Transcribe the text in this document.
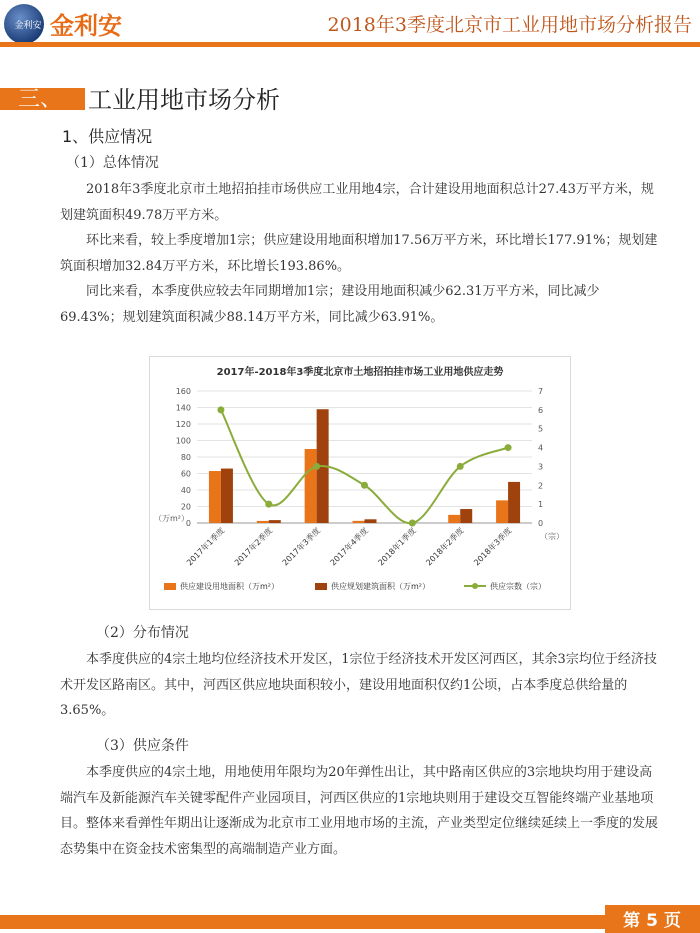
金利安 金利安	2018年3季度北京市工业用地市场分析报告
三、 工业用地市场分析
1、供应情况
（1）总体情况

2018年3季度北京市土地招拍挂市场供应工业用地4宗，合计建设用地面积总计27.43万平方米，规划建筑面积49.78万平方米。

环比来看，较上季度增加1宗；供应建设用地面积增加17.56万平方米，环比增长177.91%；规划建筑面积增加32.84万平方米，环比增长193.86%。

同比来看，本季度供应较去年同期增加1宗；建设用地面积减少62.31万平方米，同比减少69.43%；规划建筑面积减少88.14万平方米，同比减少63.91%。

2017年-2018年3季度北京市土地招拍挂市场工业用地供应走势
0
20
40
60
80
100
120
140
160
0
1
2
3
4
5
6
7
（万m²）
（宗）
2017年1季度 2017年2季度 2017年3季度 2017年4季度 2018年1季度 2018年2季度 2018年3季度
供应建设用地面积（万m²）	供应规划建筑面积（万m²）	供应宗数（宗）
（2）分布情况

本季度供应的4宗土地均位经济技术开发区，1宗位于经济技术开发区河西区，其余3宗均位于经济技术开发区路南区。其中，河西区供应地块面积较小，建设用地面积仅约1公顷，占本季度总供给量的3.65%。

（3）供应条件

本季度供应的4宗土地，用地使用年限均为20年弹性出让，其中路南区供应的3宗地块均用于建设高端汽车及新能源汽车关键零配件产业园项目，河西区供应的1宗地块则用于建设交互智能终端产业基地项目。整体来看弹性年期出让逐渐成为北京市工业用地市场的主流，产业类型定位继续延续上一季度的发展态势集中在资金技术密集型的高端制造产业方面。

第 5 页
